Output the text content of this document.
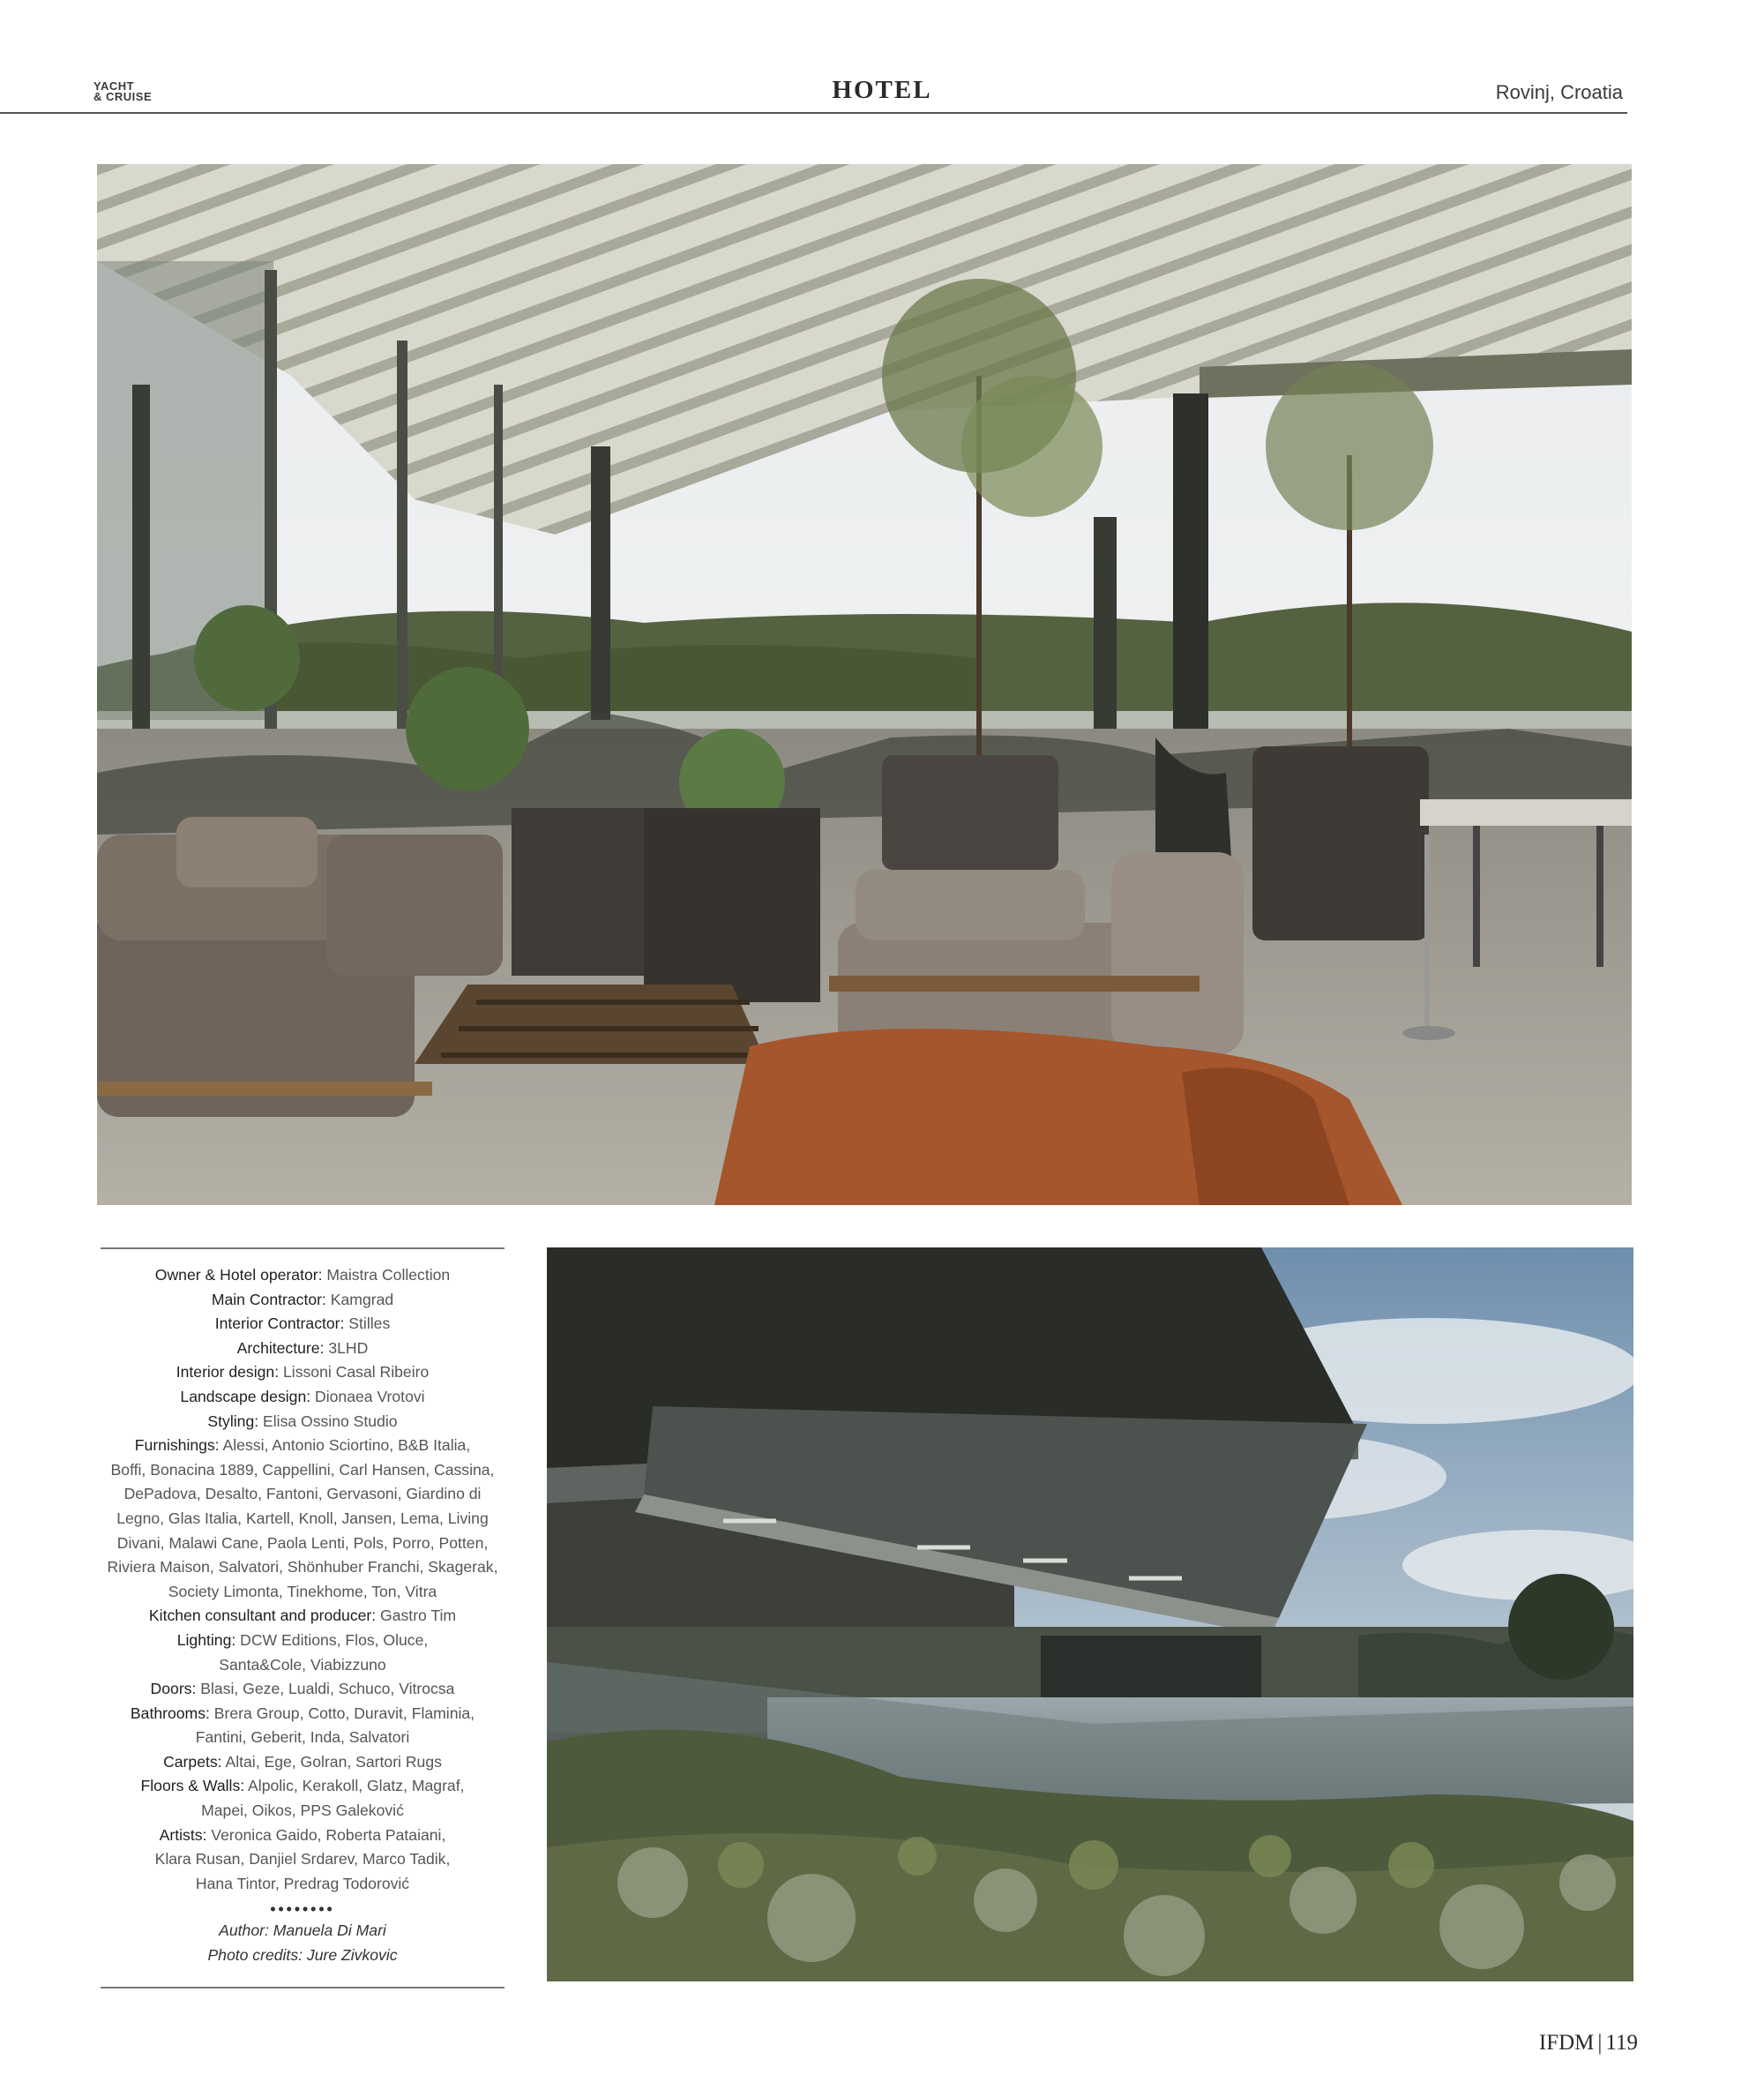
YACHT
& CRUISE	HOTEL	Rovinj, Croatia
Owner & Hotel operator: Maistra Collection
Main Contractor: Kamgrad
Interior Contractor: Stilles
Architecture: 3LHD
Interior design: Lissoni Casal Ribeiro
Landscape design: Dionaea Vrotovi
Styling: Elisa Ossino Studio
Furnishings: Alessi, Antonio Sciortino, B&B Italia,
Boffi, Bonacina 1889, Cappellini, Carl Hansen, Cassina,
DePadova, Desalto, Fantoni, Gervasoni, Giardino di
Legno, Glas Italia, Kartell, Knoll, Jansen, Lema, Living
Divani, Malawi Cane, Paola Lenti, Pols, Porro, Potten,
Riviera Maison, Salvatori, Shönhuber Franchi, Skagerak,
Society Limonta, Tinekhome, Ton, Vitra
Kitchen consultant and producer: Gastro Tim
Lighting: DCW Editions, Flos, Oluce,
Santa&Cole, Viabizzuno
Doors: Blasi, Geze, Lualdi, Schuco, Vitrocsa
Bathrooms: Brera Group, Cotto, Duravit, Flaminia,
Fantini, Geberit, Inda, Salvatori
Carpets: Altai, Ege, Golran, Sartori Rugs
Floors & Walls: Alpolic, Kerakoll, Glatz, Magraf,
Mapei, Oikos, PPS Galeković
Artists: Veronica Gaido, Roberta Pataiani,
Klara Rusan, Danjiel Srdarev, Marco Tadik,
Hana Tintor, Predrag Todorović
••••••••
Author: Manuela Di Mari
Photo credits: Jure Zivkovic
IFDM | 119
